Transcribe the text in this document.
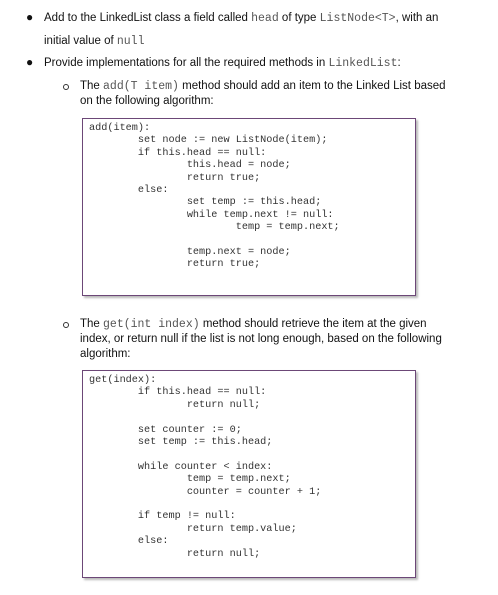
● Add to the LinkedList class a field called head of type ListNode<T>, with an
initial value of null
● Provide implementations for all the required methods in LinkedList:
The add(T item) method should add an item to the Linked List based
on the following algorithm:
add(item):
set node := new ListNode(item);
if this.head == null:
this.head = node;
return true;
else:
set temp := this.head;
while temp.next != null:
temp = temp.next;

temp.next = node;
return true;
The get(int index) method should retrieve the item at the given
index, or return null if the list is not long enough, based on the following
algorithm:
get(index):
if this.head == null:
return null;

set counter := 0;
set temp := this.head;

while counter < index:
temp = temp.next;
counter = counter + 1;

if temp != null:
return temp.value;
else:
return null;
